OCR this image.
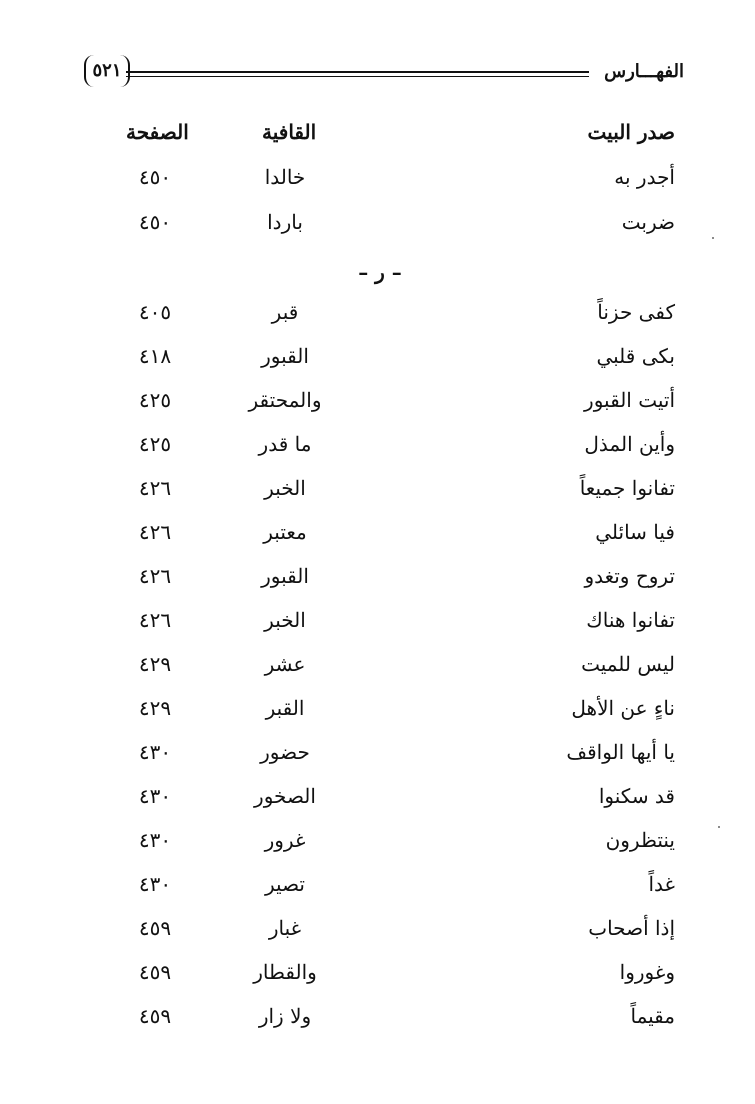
الفهـــارس
٥٢١
صدر البيت
القافية
الصفحة
أجدر به
خالدا
٤٥٠
ضربت
باردا
٤٥٠
– ر –
كفى حزناً
قبر
٤٠٥
بكى قلبي
القبور
٤١٨
أتيت القبور
والمحتقر
٤٢٥
وأين المذل
ما قدر
٤٢٥
تفانوا جميعاً
الخبر
٤٢٦
فيا سائلي
معتبر
٤٢٦
تروح وتغدو
القبور
٤٢٦
تفانوا هناك
الخبر
٤٢٦
ليس للميت
عشر
٤٢٩
ناءٍ عن الأهل
القبر
٤٢٩
يا أيها الواقف
حضور
٤٣٠
قد سكنوا
الصخور
٤٣٠
ينتظرون
غرور
٤٣٠
غداً
تصير
٤٣٠
إذا أصحاب
غبار
٤٥٩
وغوروا
والقطار
٤٥٩
مقيماً
ولا زار
٤٥٩
